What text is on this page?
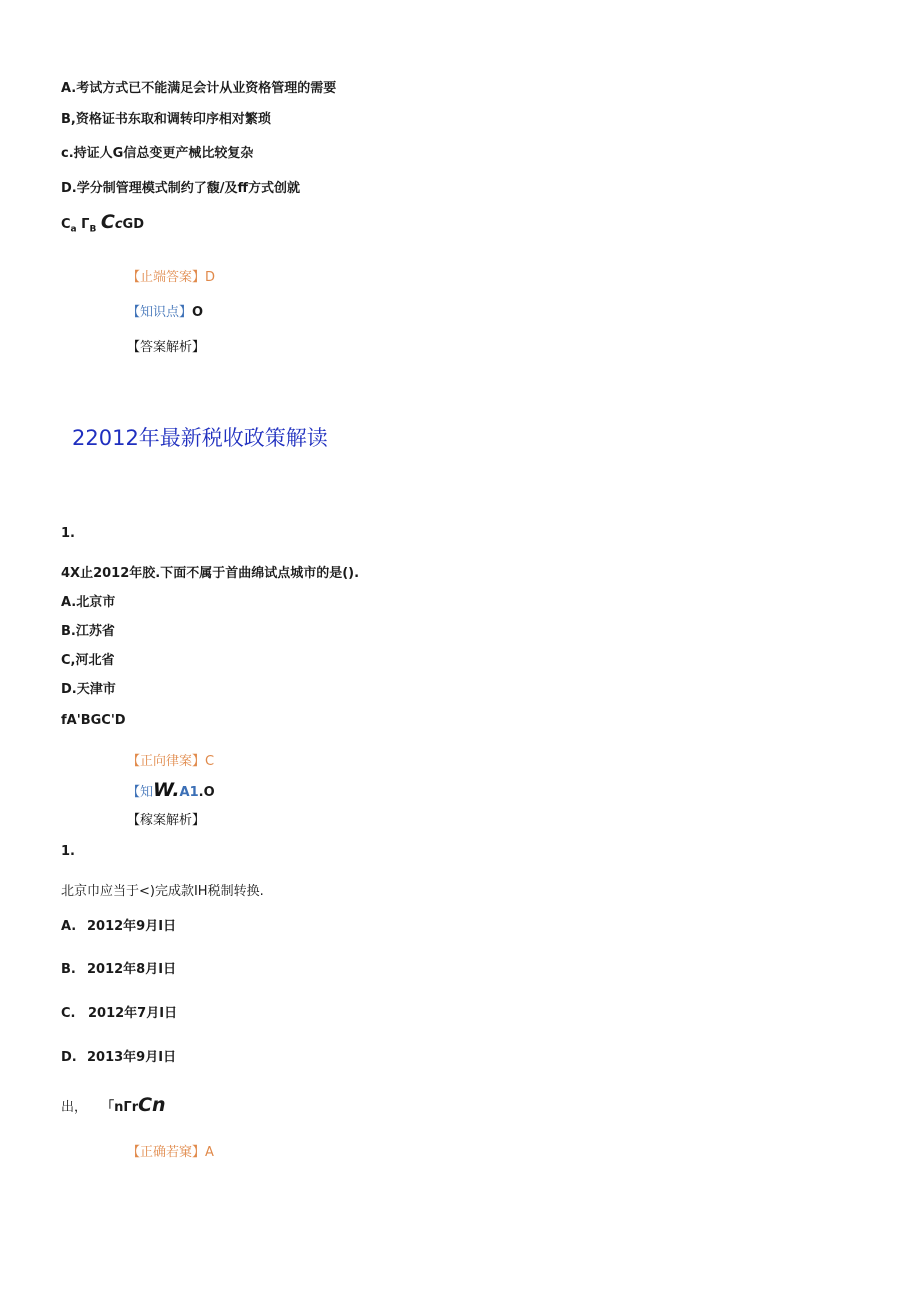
A.考试方式已不能满足会计从业资格管理的需要
B,资格证书东取和调转印序相对繁琐
c.持证人G信总变更产械比较复杂
D.学分制管理模式制约了馥/及ff方式创就
$C_a$ $\Gamma_B$ CcGD
【止端答案】D
【知识点】O
【答案解析】
22012年最新税收政策解读
1.
4X止2012年胶.下面不属于首曲绵试点城市的是().
A.北京市
B.江苏省
C,河北省
D.天津市
fA'BGC'D
【正向律案】C
【知W.A1.O
【稼案解析】
1.
北京巾应当于<)完成款IH税制转换.
A. 2012年9月I日
B. 2012年8月I日
C. 2012年7月I日
D. 2013年9月I日
出， 「nΓrCn
【正确若窠】A
